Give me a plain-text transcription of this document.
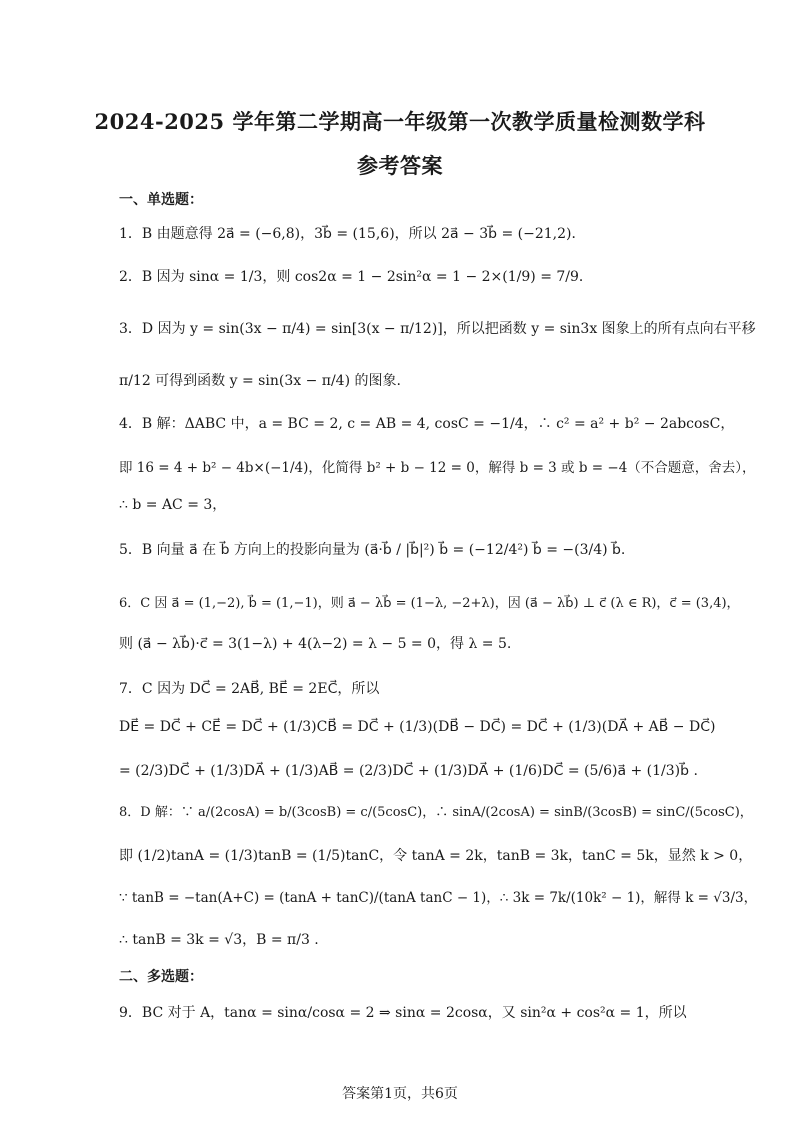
2024-2025 学年第二学期高一年级第一次教学质量检测数学科
参考答案
一、单选题：
1．B 由题意得 2a⃗ = (−6,8)，3b⃗ = (15,6)，所以 2a⃗ − 3b⃗ = (−21,2)．
2．B 因为 sinα = 1/3，则 cos2α = 1 − 2sin²α = 1 − 2×(1/9) = 7/9．
3．D 因为 y = sin(3x − π/4) = sin[3(x − π/12)]，所以把函数 y = sin3x 图象上的所有点向右平移
π/12 可得到函数 y = sin(3x − π/4) 的图象.
4．B 解：ΔABC 中，a = BC = 2, c = AB = 4, cosC = −1/4，∴ c² = a² + b² − 2abcosC，
即 16 = 4 + b² − 4b×(−1/4)，化简得 b² + b − 12 = 0，解得 b = 3 或 b = −4（不合题意，舍去），
∴ b = AC = 3，
5．B 向量 a⃗ 在 b⃗ 方向上的投影向量为 (a⃗·b⃗ / |b⃗|²) b⃗ = (−12/4²) b⃗ = −(3/4) b⃗.
6．C 因 a⃗ = (1,−2), b⃗ = (1,−1)，则 a⃗ − λb⃗ = (1−λ, −2+λ)，因 (a⃗ − λb⃗) ⊥ c⃗ (λ ∈ R)，c⃗ = (3,4)，
则 (a⃗ − λb⃗)·c⃗ = 3(1−λ) + 4(λ−2) = λ − 5 = 0，得 λ = 5.
7．C 因为 DC⃗ = 2AB⃗, BE⃗ = 2EC⃗，所以
DE⃗ = DC⃗ + CE⃗ = DC⃗ + (1/3)CB⃗ = DC⃗ + (1/3)(DB⃗ − DC⃗) = DC⃗ + (1/3)(DA⃗ + AB⃗ − DC⃗)
= (2/3)DC⃗ + (1/3)DA⃗ + (1/3)AB⃗ = (2/3)DC⃗ + (1/3)DA⃗ + (1/6)DC⃗ = (5/6)a⃗ + (1/3)b⃗ .
8．D 解：∵ a/(2cosA) = b/(3cosB) = c/(5cosC)，∴ sinA/(2cosA) = sinB/(3cosB) = sinC/(5cosC)，
即 (1/2)tanA = (1/3)tanB = (1/5)tanC，令 tanA = 2k，tanB = 3k，tanC = 5k，显然 k > 0，
∵ tanB = −tan(A+C) = (tanA + tanC)/(tanA tanC − 1)，∴ 3k = 7k/(10k² − 1)，解得 k = √3/3，
∴ tanB = 3k = √3，B = π/3 .
二、多选题：
9．BC 对于 A，tanα = sinα/cosα = 2 ⇒ sinα = 2cosα，又 sin²α + cos²α = 1，所以
答案第1页，共6页
